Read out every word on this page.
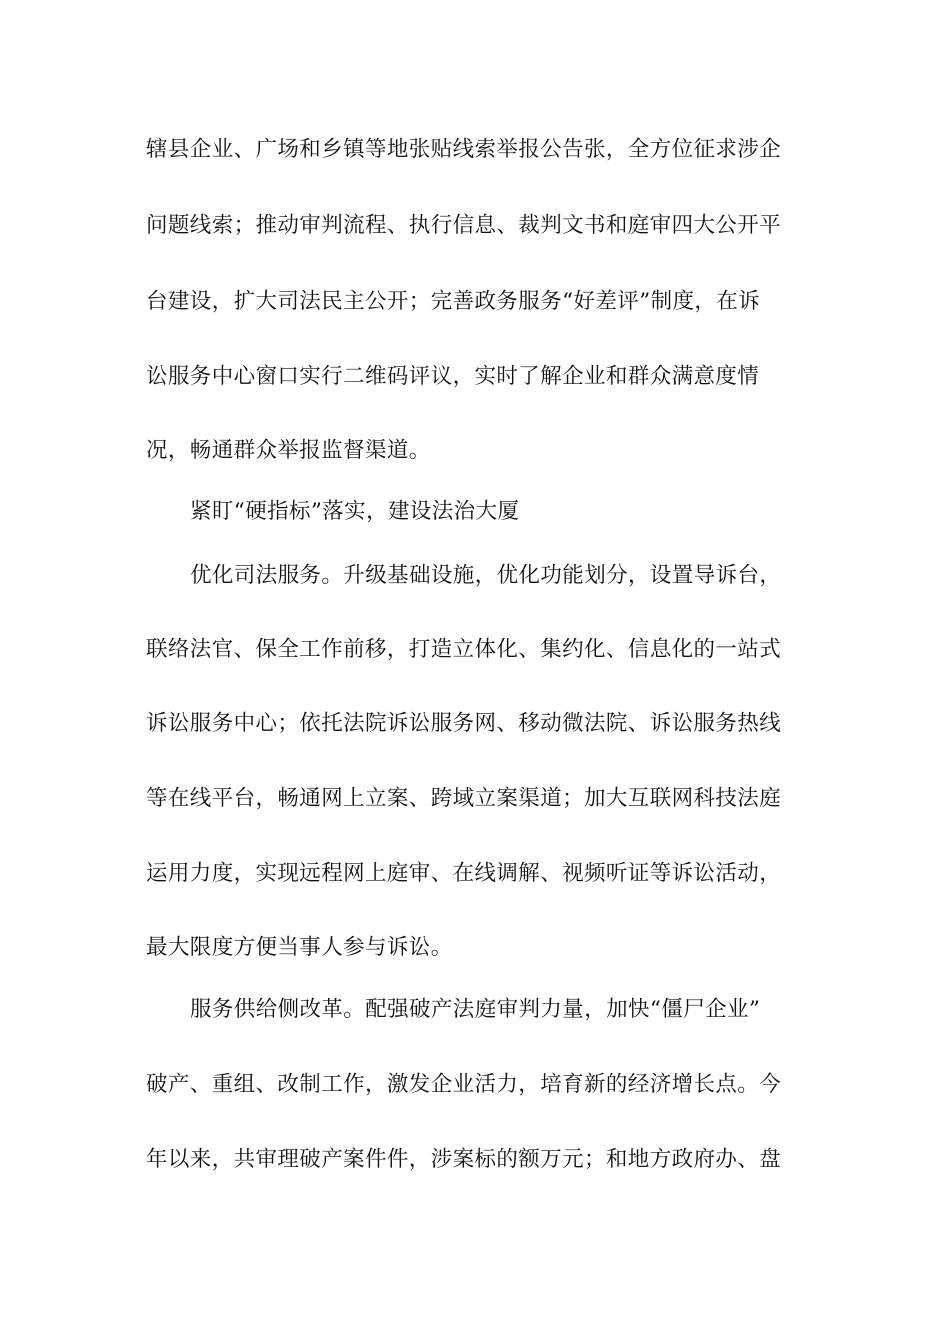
辖县企业、广场和乡镇等地张贴线索举报公告张，全方位征求涉企
问题线索；推动审判流程、执行信息、裁判文书和庭审四大公开平
台建设，扩大司法民主公开；完善政务服务“好差评”制度，在诉
讼服务中心窗口实行二维码评议，实时了解企业和群众满意度情
况，畅通群众举报监督渠道。
紧盯“硬指标”落实，建设法治大厦
优化司法服务。升级基础设施，优化功能划分，设置导诉台，
联络法官、保全工作前移，打造立体化、集约化、信息化的一站式
诉讼服务中心；依托法院诉讼服务网、移动微法院、诉讼服务热线
等在线平台，畅通网上立案、跨域立案渠道；加大互联网科技法庭
运用力度，实现远程网上庭审、在线调解、视频听证等诉讼活动，
最大限度方便当事人参与诉讼。
服务供给侧改革。配强破产法庭审判力量，加快“僵尸企业”
破产、重组、改制工作，激发企业活力，培育新的经济增长点。今
年以来，共审理破产案件件，涉案标的额万元；和地方政府办、盘
